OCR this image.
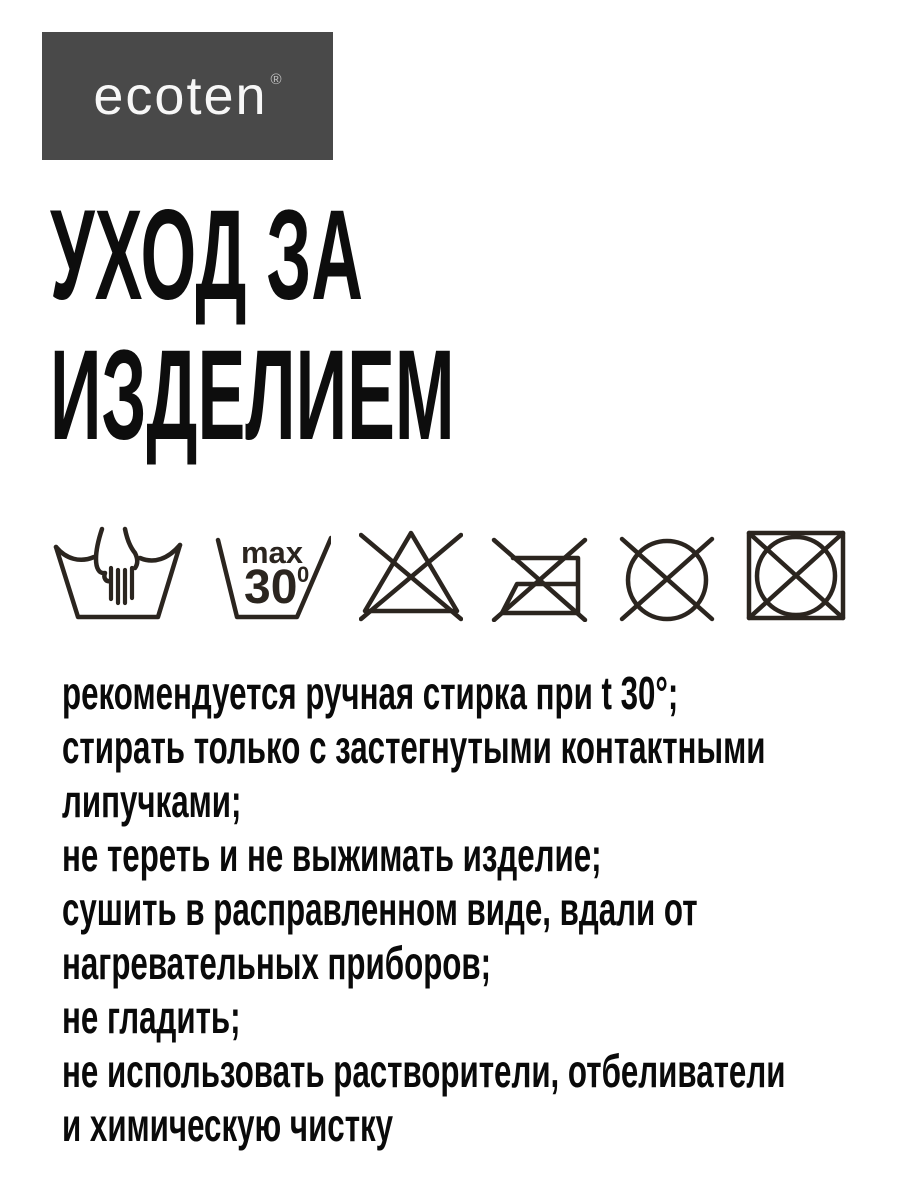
ecoten ®
УХОД ЗА
ИЗДЕЛИЕМ
max
30 0
рекомендуется ручная стирка при t 30°;
стирать только с застегнутыми контактными
липучками;
не тереть и не выжимать изделие;
сушить в расправленном виде, вдали от
нагревательных приборов;
не гладить;
не использовать растворители, отбеливатели
и химическую чистку
